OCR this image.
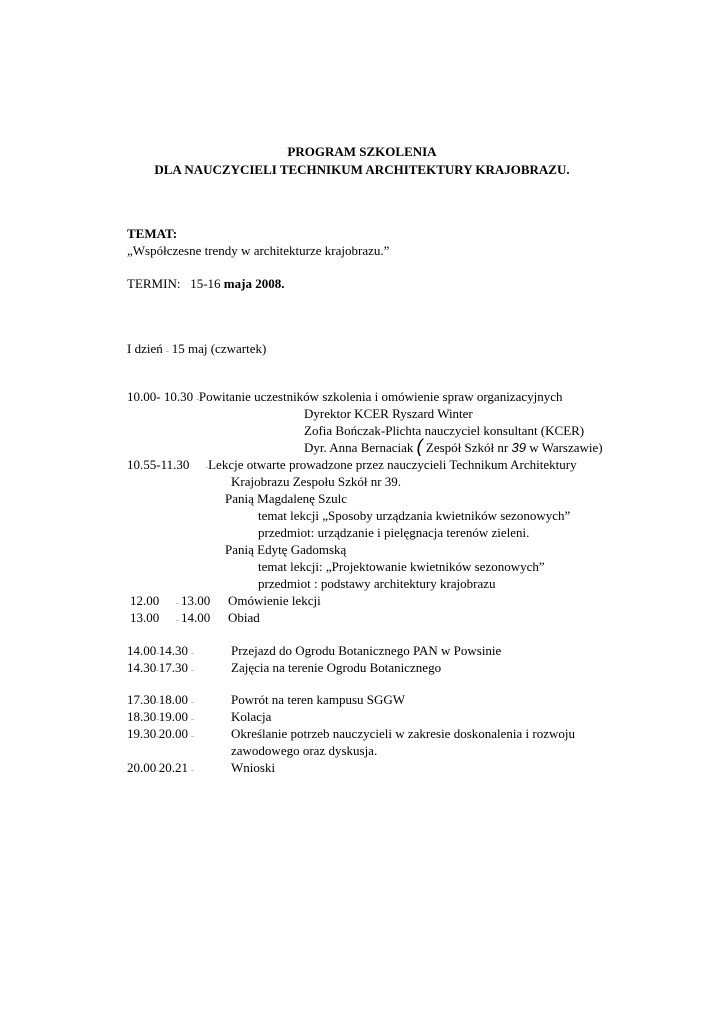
PROGRAM SZKOLENIA
DLA NAUCZYCIELI TECHNIKUM ARCHITEKTURY KRAJOBRAZU.
TEMAT:
„Współczesne trendy w architekturze krajobrazu.”
TERMIN: 15-16 maja 2008.
I dzień – 15 maj (czwartek)
10.00- 10.30 –Powitanie uczestników szkolenia i omówienie spraw organizacyjnych
Dyrektor KCER Ryszard Winter
Zofia Bończak-Plichta nauczyciel konsultant (KCER)
Dyr. Anna Bernaciak ( Zespół Szkół nr 39 w Warszawie)
10.55-11.30	–Lekcje otwarte prowadzone przez nauczycieli Technikum Architektury
Krajobrazu Zespołu Szkół nr 39.
Panią Magdalenę Szulc
temat lekcji „Sposoby urządzania kwietników sezonowych”
przedmiot: urządzanie i pielęgnacja terenów zieleni.
Panią Edytę Gadomską
temat lekcji: „Projektowanie kwietników sezonowych”
przedmiot : podstawy architektury krajobrazu
12.00	– 13.00 Omówienie lekcji
13.00	– 14.00 Obiad
14.00–14.30 –	Przejazd do Ogrodu Botanicznego PAN w Powsinie
14.30–17.30 –	Zajęcia na terenie Ogrodu Botanicznego
17.30–18.00 –	Powrót na teren kampusu SGGW
18.30–19.00 –	Kolacja
19.30–20.00 –	Określanie potrzeb nauczycieli w zakresie doskonalenia i rozwoju
zawodowego oraz dyskusja.
20.00–20.21 –	Wnioski
